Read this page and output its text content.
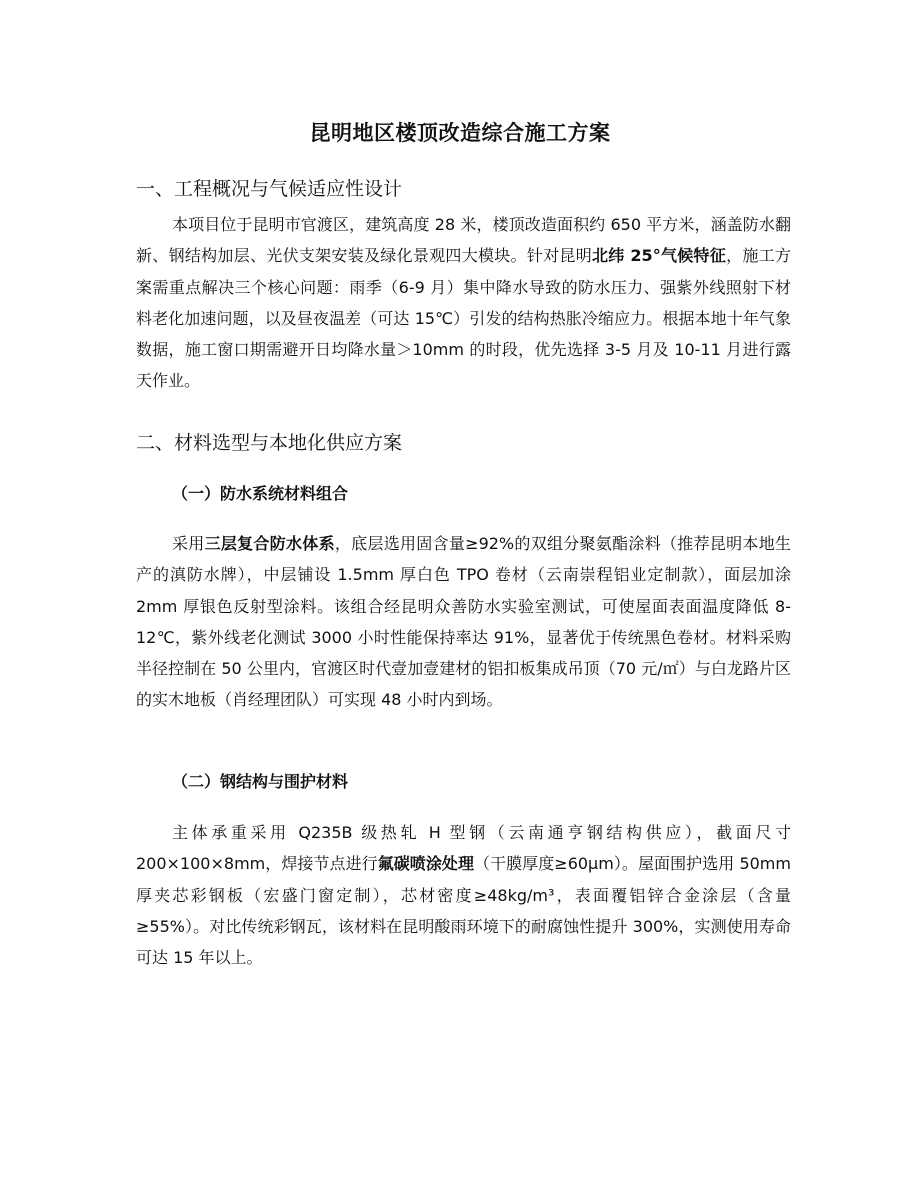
昆明地区楼顶改造综合施工方案
一、工程概况与气候适应性设计

本项目位于昆明市官渡区，建筑高度 28 米，楼顶改造面积约 650 平方米，涵盖防水翻新、钢结构加层、光伏支架安装及绿化景观四大模块。针对昆明北纬 25°气候特征，施工方案需重点解决三个核心问题：雨季（6-9 月）集中降水导致的防水压力、强紫外线照射下材料老化加速问题，以及昼夜温差（可达 15℃）引发的结构热胀冷缩应力。根据本地十年气象数据，施工窗口期需避开日均降水量＞10mm 的时段，优先选择 3-5 月及 10-11 月进行露天作业。

二、材料选型与本地化供应方案
（一）防水系统材料组合

采用三层复合防水体系，底层选用固含量≥92%的双组分聚氨酯涂料（推荐昆明本地生产的滇防水牌），中层铺设 1.5mm 厚白色 TPO 卷材（云南崇程铝业定制款），面层加涂 2mm 厚银色反射型涂料。该组合经昆明众善防水实验室测试，可使屋面表面温度降低 8-12℃，紫外线老化测试 3000 小时性能保持率达 91%，显著优于传统黑色卷材。材料采购半径控制在 50 公里内，官渡区时代壹加壹建材的铝扣板集成吊顶（70 元/㎡）与白龙路片区的实木地板（肖经理团队）可实现 48 小时内到场。

（二）钢结构与围护材料

主体承重采用 Q235B 级热轧 H 型钢（云南通亨钢结构供应），截面尺寸200×100×8mm，焊接节点进行氟碳喷涂处理（干膜厚度≥60μm）。屋面围护选用 50mm 厚夹芯彩钢板（宏盛门窗定制），芯材密度≥48kg/m³，表面覆铝锌合金涂层（含量≥55%）。对比传统彩钢瓦，该材料在昆明酸雨环境下的耐腐蚀性提升 300%，实测使用寿命可达 15 年以上。
